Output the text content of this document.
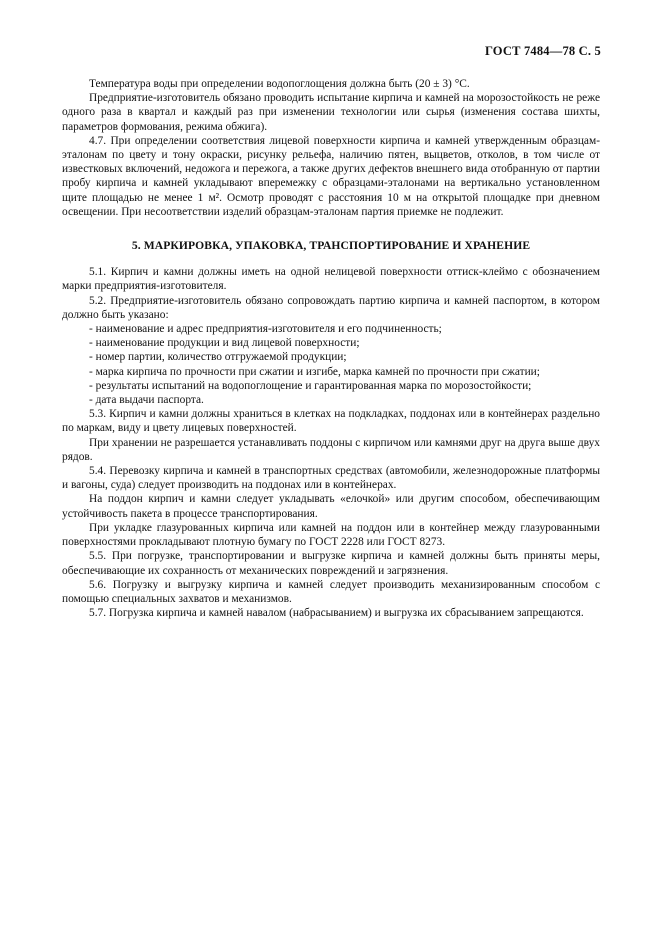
ГОСТ 7484—78 С. 5

Температура воды при определении водопоглощения должна быть (20 ± 3) °С.

Предприятие-изготовитель обязано проводить испытание кирпича и камней на морозостойкость не реже одного раза в квартал и каждый раз при изменении технологии или сырья (изменения состава шихты, параметров формования, режима обжига).

4.7. При определении соответствия лицевой поверхности кирпича и камней утвержденным образцам-эталонам по цвету и тону окраски, рисунку рельефа, наличию пятен, выцветов, отколов, в том числе от известковых включений, недожога и пережога, а также других дефектов внешнего вида отобранную от партии пробу кирпича и камней укладывают вперемежку с образцами-эталонами на вертикально установленном щите площадью не менее 1 м². Осмотр проводят с расстояния 10 м на открытой площадке при дневном освещении. При несоответствии изделий образцам-эталонам партия приемке не подлежит.

5. МАРКИРОВКА, УПАКОВКА, ТРАНСПОРТИРОВАНИЕ И ХРАНЕНИЕ

5.1. Кирпич и камни должны иметь на одной нелицевой поверхности оттиск-клеймо с обозначением марки предприятия-изготовителя.

5.2. Предприятие-изготовитель обязано сопровождать партию кирпича и камней паспортом, в котором должно быть указано:

- наименование и адрес предприятия-изготовителя и его подчиненность;

- наименование продукции и вид лицевой поверхности;

- номер партии, количество отгружаемой продукции;

- марка кирпича по прочности при сжатии и изгибе, марка камней по прочности при сжатии;

- результаты испытаний на водопоглощение и гарантированная марка по морозостойкости;

- дата выдачи паспорта.

5.3. Кирпич и камни должны храниться в клетках на подкладках, поддонах или в контейнерах раздельно по маркам, виду и цвету лицевых поверхностей.

При хранении не разрешается устанавливать поддоны с кирпичом или камнями друг на друга выше двух рядов.

5.4. Перевозку кирпича и камней в транспортных средствах (автомобили, железнодорожные платформы и вагоны, суда) следует производить на поддонах или в контейнерах.

На поддон кирпич и камни следует укладывать «елочкой» или другим способом, обеспечивающим устойчивость пакета в процессе транспортирования.

При укладке глазурованных кирпича или камней на поддон или в контейнер между глазурованными поверхностями прокладывают плотную бумагу по ГОСТ 2228 или ГОСТ 8273.

5.5. При погрузке, транспортировании и выгрузке кирпича и камней должны быть приняты меры, обеспечивающие их сохранность от механических повреждений и загрязнения.

5.6. Погрузку и выгрузку кирпича и камней следует производить механизированным способом с помощью специальных захватов и механизмов.

5.7. Погрузка кирпича и камней навалом (набрасыванием) и выгрузка их сбрасыванием запрещаются.
